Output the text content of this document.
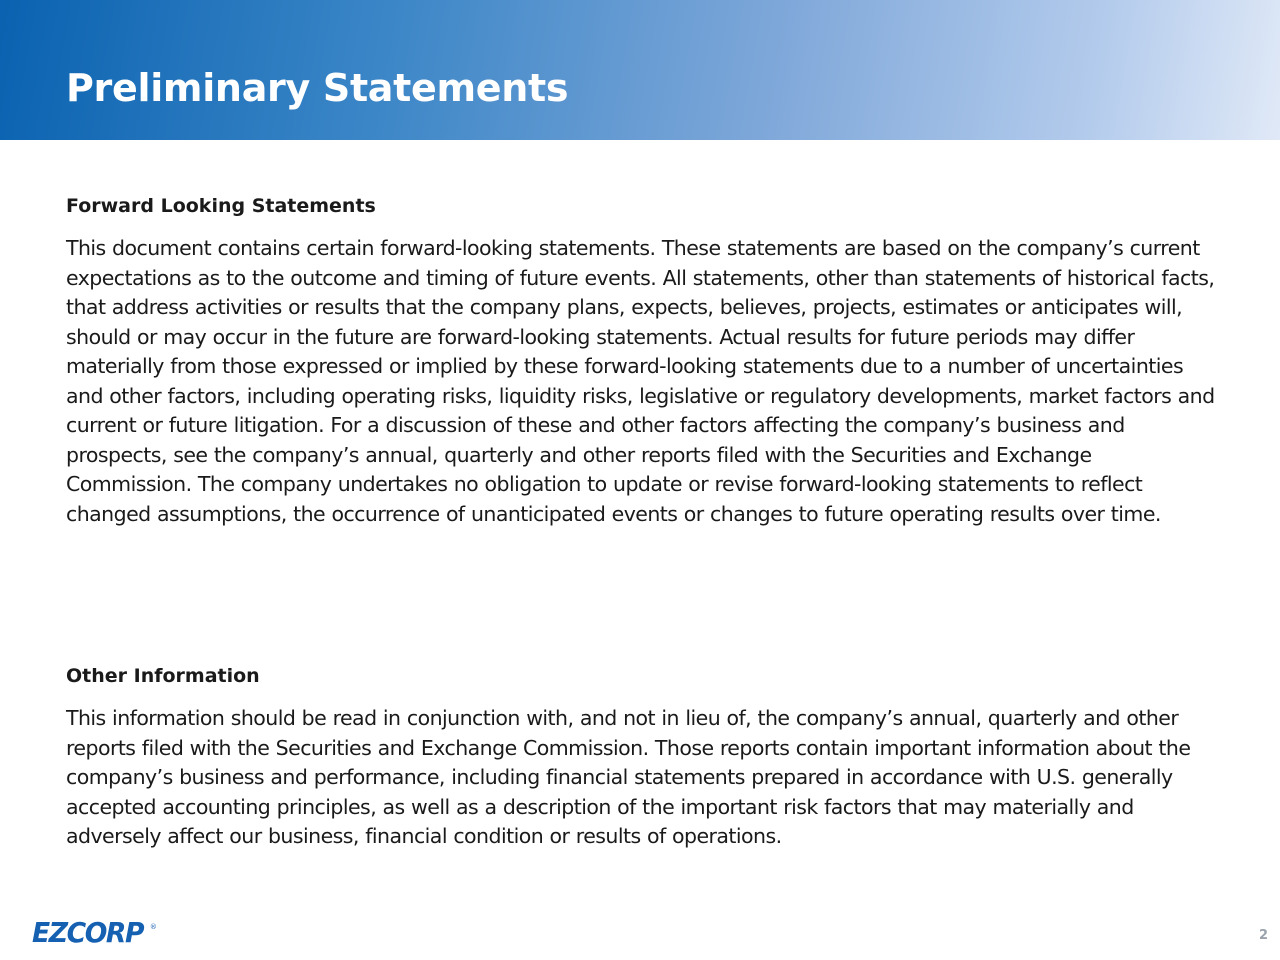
Preliminary Statements
Forward Looking Statements

This document contains certain forward-looking statements. These statements are based on the company’s current expectations as to the outcome and timing of future events. All statements, other than statements of historical facts, that address activities or results that the company plans, expects, believes, projects, estimates or anticipates will, should or may occur in the future are forward-looking statements. Actual results for future periods may differ materially from those expressed or implied by these forward-looking statements due to a number of uncertainties and other factors, including operating risks, liquidity risks, legislative or regulatory developments, market factors and current or future litigation. For a discussion of these and other factors affecting the company’s business and prospects, see the company’s annual, quarterly and other reports filed with the Securities and Exchange Commission. The company undertakes no obligation to update or revise forward-looking statements to reflect changed assumptions, the occurrence of unanticipated events or changes to future operating results over time.

Other Information

This information should be read in conjunction with, and not in lieu of, the company’s annual, quarterly and other reports filed with the Securities and Exchange Commission. Those reports contain important information about the company’s business and performance, including financial statements prepared in accordance with U.S. generally accepted accounting principles, as well as a description of the important risk factors that may materially and adversely affect our business, financial condition or results of operations.

EZCORP ®
2
